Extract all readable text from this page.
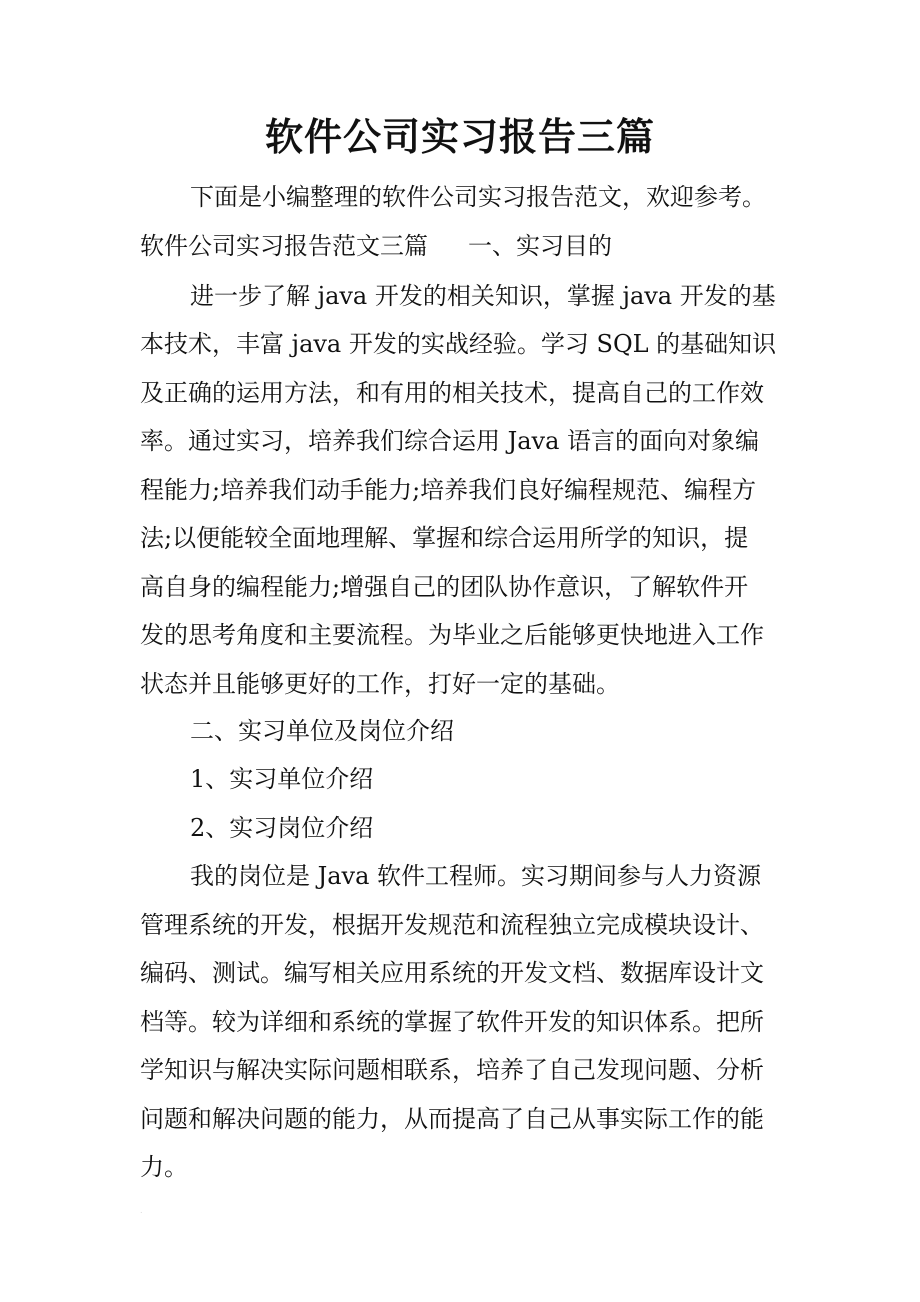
软件公司实习报告三篇
下面是小编整理的软件公司实习报告范文，欢迎参考。
软件公司实习报告范文三篇 一、实习目的
进一步了解 java 开发的相关知识，掌握 java 开发的基
本技术，丰富 java 开发的实战经验。学习 SQL 的基础知识
及正确的运用方法，和有用的相关技术，提高自己的工作效
率。通过实习，培养我们综合运用 Java 语言的面向对象编
程能力;培养我们动手能力;培养我们良好编程规范、编程方
法;以便能较全面地理解、掌握和综合运用所学的知识，提
高自身的编程能力;增强自己的团队协作意识，了解软件开
发的思考角度和主要流程。为毕业之后能够更快地进入工作
状态并且能够更好的工作，打好一定的基础。
二、实习单位及岗位介绍
1、实习单位介绍
2、实习岗位介绍
我的岗位是 Java 软件工程师。实习期间参与人力资源
管理系统的开发，根据开发规范和流程独立完成模块设计、
编码、测试。编写相关应用系统的开发文档、数据库设计文
档等。较为详细和系统的掌握了软件开发的知识体系。把所
学知识与解决实际问题相联系，培养了自己发现问题、分析
问题和解决问题的能力，从而提高了自己从事实际工作的能
力。
.
